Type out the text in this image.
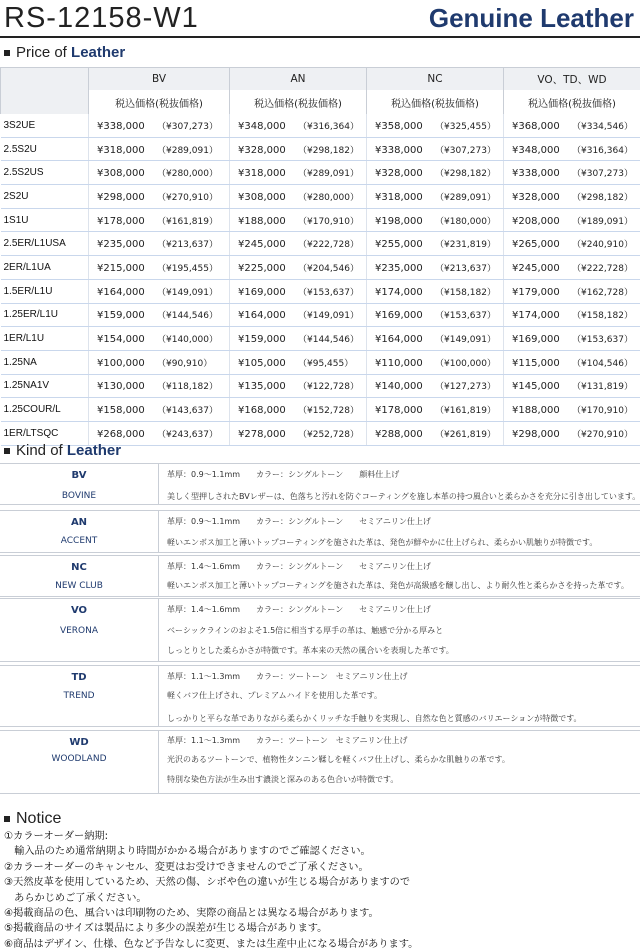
RS-12158-W1	Genuine Leather
Price of Leather
	BV	AN	NC	VO、TD、WD
	税込価格(税抜価格)	税込価格(税抜価格)	税込価格(税抜価格)	税込価格(税抜価格)
3S2UE	¥338,000 （¥307,273）	¥348,000 （¥316,364）	¥358,000 （¥325,455）	¥368,000 （¥334,546）
2.5S2U	¥318,000 （¥289,091）	¥328,000 （¥298,182）	¥338,000 （¥307,273）	¥348,000 （¥316,364）
2.5S2US	¥308,000 （¥280,000）	¥318,000 （¥289,091）	¥328,000 （¥298,182）	¥338,000 （¥307,273）
2S2U	¥298,000 （¥270,910）	¥308,000 （¥280,000）	¥318,000 （¥289,091）	¥328,000 （¥298,182）
1S1U	¥178,000 （¥161,819）	¥188,000 （¥170,910）	¥198,000 （¥180,000）	¥208,000 （¥189,091）
2.5ER/L1USA	¥235,000 （¥213,637）	¥245,000 （¥222,728）	¥255,000 （¥231,819）	¥265,000 （¥240,910）
2ER/L1UA	¥215,000 （¥195,455）	¥225,000 （¥204,546）	¥235,000 （¥213,637）	¥245,000 （¥222,728）
1.5ER/L1U	¥164,000 （¥149,091）	¥169,000 （¥153,637）	¥174,000 （¥158,182）	¥179,000 （¥162,728）
1.25ER/L1U	¥159,000 （¥144,546）	¥164,000 （¥149,091）	¥169,000 （¥153,637）	¥174,000 （¥158,182）
1ER/L1U	¥154,000 （¥140,000）	¥159,000 （¥144,546）	¥164,000 （¥149,091）	¥169,000 （¥153,637）
1.25NA	¥100,000 （¥90,910）	¥105,000 （¥95,455）	¥110,000 （¥100,000）	¥115,000 （¥104,546）
1.25NA1V	¥130,000 （¥118,182）	¥135,000 （¥122,728）	¥140,000 （¥127,273）	¥145,000 （¥131,819）
1.25COUR/L	¥158,000 （¥143,637）	¥168,000 （¥152,728）	¥178,000 （¥161,819）	¥188,000 （¥170,910）
1ER/LTSQC	¥268,000 （¥243,637）	¥278,000 （¥252,728）	¥288,000 （¥261,819）	¥298,000 （¥270,910）
Kind of Leather
BV
BOVINE
革厚：0.9～1.1mm　　カラー：シングルトーン　　顔料仕上げ
美しく型押しされたBVレザーは、色落ちと汚れを防ぐコーティングを施し本革の持つ風合いと柔らかさを充分に引き出しています。
AN
ACCENT
革厚：0.9～1.1mm　　カラー：シングルトーン　　セミアニリン仕上げ
軽いエンボス加工と薄いトップコーティングを施された革は、発色が鮮やかに仕上げられ、柔らかい肌触りが特徴です。
NC
NEW CLUB
革厚：1.4～1.6mm　　カラー：シングルトーン　　セミアニリン仕上げ
軽いエンボス加工と薄いトップコーティングを施された革は、発色が高級感を醸し出し、より耐久性と柔らかさを持った革です。
VO
VERONA
革厚：1.4～1.6mm　　カラー：シングルトーン　　セミアニリン仕上げ
ベーシックラインのおよそ1.5倍に相当する厚手の革は、触感で分かる厚みと
しっとりとした柔らかさが特徴です。革本来の天然の風合いを表現した革です。
TD
TREND
革厚：1.1～1.3mm　　カラー：ツートーン　セミアニリン仕上げ
軽くバフ仕上げされ、プレミアムハイドを使用した革です。
しっかりと平らな革でありながら柔らかくリッチな手触りを実現し、自然な色と質感のバリエーションが特徴です。
WD
WOODLAND
革厚：1.1～1.3mm　　カラー：ツートーン　セミアニリン仕上げ
光沢のあるツートーンで、植物性タンニン鞣しを軽くバフ仕上げし、柔らかな肌触りの革です。
特別な染色方法が生み出す濃淡と深みのある色合いが特徴です。
Notice
①カラーオーダー納期:
　輸入品のため通常納期より時間がかかる場合がありますのでご確認ください。
②カラーオーダーのキャンセル、変更はお受けできませんのでご了承ください。
③天然皮革を使用しているため、天然の傷、シボや色の違いが生じる場合がありますので
　あらかじめご了承ください。
④掲載商品の色、風合いは印刷物のため、実際の商品とは異なる場合があります。
⑤掲載商品のサイズは製品により多少の誤差が生じる場合があります。
⑥商品はデザイン、仕様、色など予告なしに変更、または生産中止になる場合があります。
